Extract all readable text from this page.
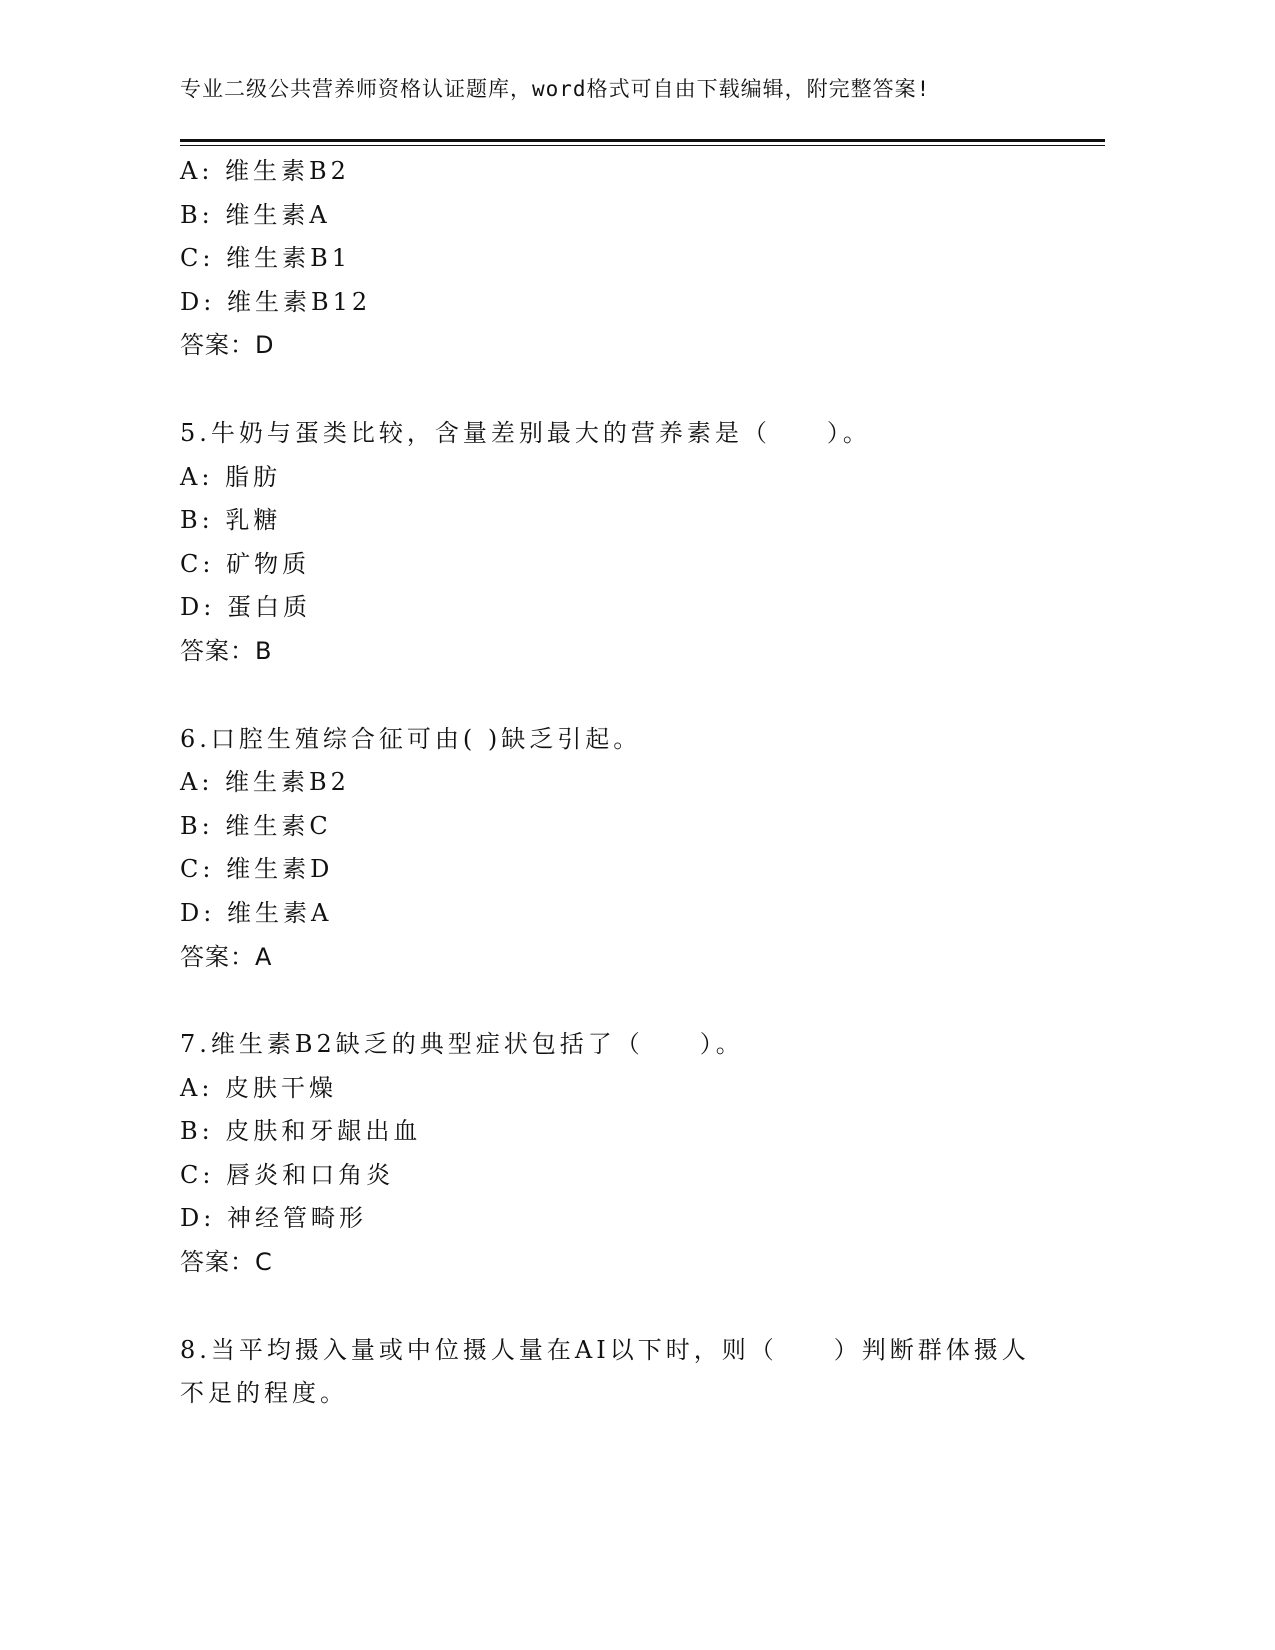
专业二级公共营养师资格认证题库，word格式可自由下载编辑，附完整答案!
A: 维生素B2
B: 维生素A
C: 维生素B1
D: 维生素B12
答案：D
5.牛奶与蛋类比较，含量差别最大的营养素是（　　）。
A: 脂肪
B: 乳糖
C: 矿物质
D: 蛋白质
答案：B
6.口腔生殖综合征可由( )缺乏引起。
A: 维生素B2
B: 维生素C
C: 维生素D
D: 维生素A
答案：A
7.维生素B2缺乏的典型症状包括了（　　）。
A: 皮肤干燥
B: 皮肤和牙龈出血
C: 唇炎和口角炎
D: 神经管畸形
答案：C
8.当平均摄入量或中位摄人量在AI以下时，则（　　）判断群体摄人
不足的程度。
